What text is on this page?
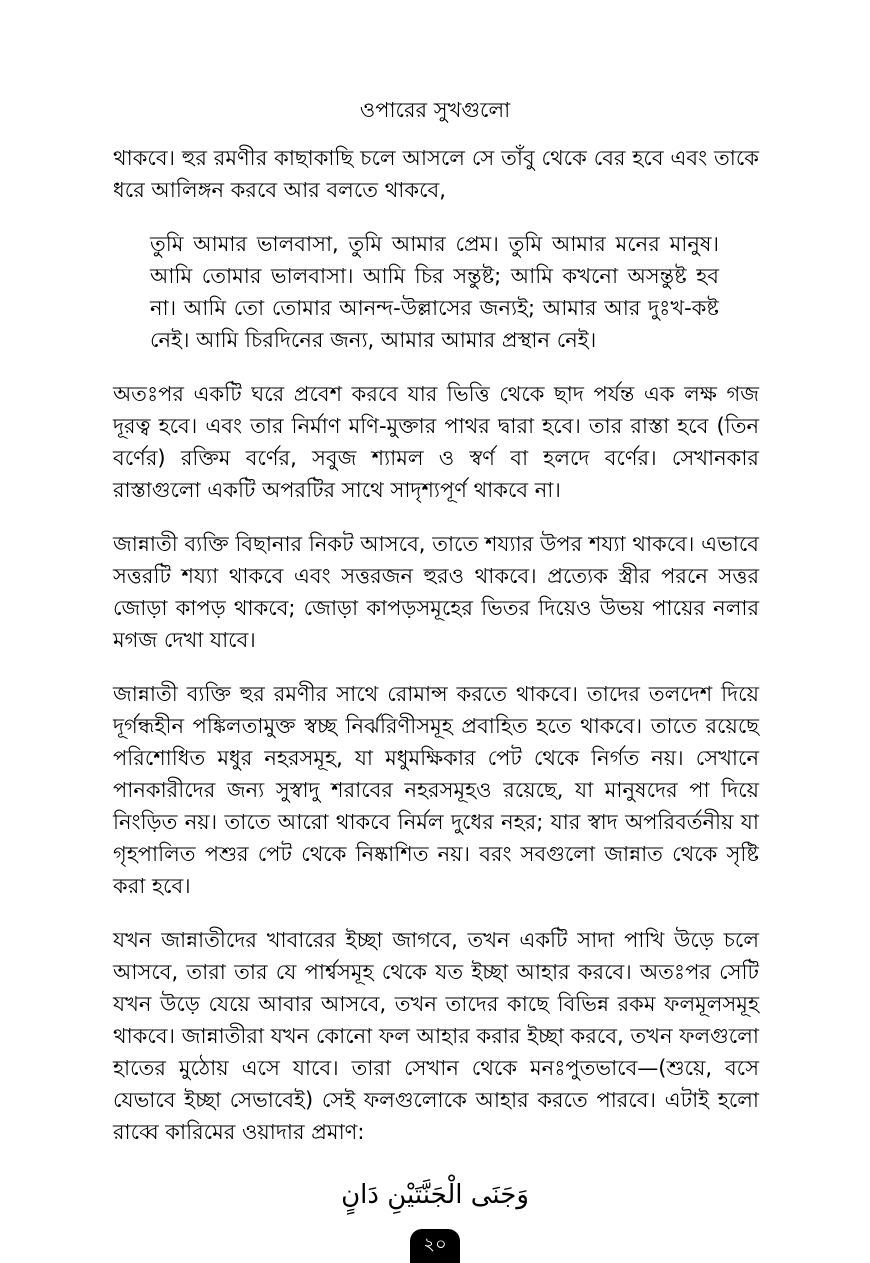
ওপারের সুখগুলো

থাকবে। হুর রমণীর কাছাকাছি চলে আসলে সে তাঁবু থেকে বের হবে এবং তাকে ধরে আলিঙ্গন করবে আর বলতে থাকবে,

তুমি আমার ভালবাসা, তুমি আমার প্রেম। তুমি আমার মনের মানুষ। আমি তোমার ভালবাসা। আমি চির সন্তুষ্ট; আমি কখনো অসন্তুষ্ট হব না। আমি তো তোমার আনন্দ-উল্লাসের জন্যই; আমার আর দুঃখ-কষ্ট নেই। আমি চিরদিনের জন্য, আমার আমার প্রস্থান নেই।

অতঃপর একটি ঘরে প্রবেশ করবে যার ভিত্তি থেকে ছাদ পর্যন্ত এক লক্ষ গজ দূরত্ব হবে। এবং তার নির্মাণ মণি-মুক্তার পাথর দ্বারা হবে। তার রাস্তা হবে (তিন বর্ণের) রক্তিম বর্ণের, সবুজ শ্যামল ও স্বর্ণ বা হলদে বর্ণের। সেখানকার রাস্তাগুলো একটি অপরটির সাথে সাদৃশ্যপূর্ণ থাকবে না।

জান্নাতী ব্যক্তি বিছানার নিকট আসবে, তাতে শয্যার উপর শয্যা থাকবে। এভাবে সত্তরটি শয্যা থাকবে এবং সত্তরজন হুরও থাকবে। প্রত্যেক স্ত্রীর পরনে সত্তর জোড়া কাপড় থাকবে; জোড়া কাপড়সমূহের ভিতর দিয়েও উভয় পায়ের নলার মগজ দেখা যাবে।

জান্নাতী ব্যক্তি হুর রমণীর সাথে রোমান্স করতে থাকবে। তাদের তলদেশ দিয়ে দূর্গন্ধহীন পঙ্কিলতামুক্ত স্বচ্ছ নির্ঝরিণীসমূহ প্রবাহিত হতে থাকবে। তাতে রয়েছে পরিশোধিত মধুর নহরসমূহ, যা মধুমক্ষিকার পেট থেকে নির্গত নয়। সেখানে পানকারীদের জন্য সুস্বাদু শরাবের নহরসমূহও রয়েছে, যা মানুষদের পা দিয়ে নিংড়িত নয়। তাতে আরো থাকবে নির্মল দুধের নহর; যার স্বাদ অপরিবর্তনীয় যা গৃহপালিত পশুর পেট থেকে নিষ্কাশিত নয়। বরং সবগুলো জান্নাত থেকে সৃষ্টি করা হবে।

যখন জান্নাতীদের খাবারের ইচ্ছা জাগবে, তখন একটি সাদা পাখি উড়ে চলে আসবে, তারা তার যে পার্শ্বসমূহ থেকে যত ইচ্ছা আহার করবে। অতঃপর সেটি যখন উড়ে যেয়ে আবার আসবে, তখন তাদের কাছে বিভিন্ন রকম ফলমূলসমূহ থাকবে। জান্নাতীরা যখন কোনো ফল আহার করার ইচ্ছা করবে, তখন ফলগুলো হাতের মুঠোয় এসে যাবে। তারা সেখান থেকে মনঃপুতভাবে—(শুয়ে, বসে যেভাবে ইচ্ছা সেভাবেই) সেই ফলগুলোকে আহার করতে পারবে। এটাই হলো রাব্বে কারিমের ওয়াদার প্রমাণ:

وَجَنَى الْجَنَّتَيْنِ دَانٍ
২০
